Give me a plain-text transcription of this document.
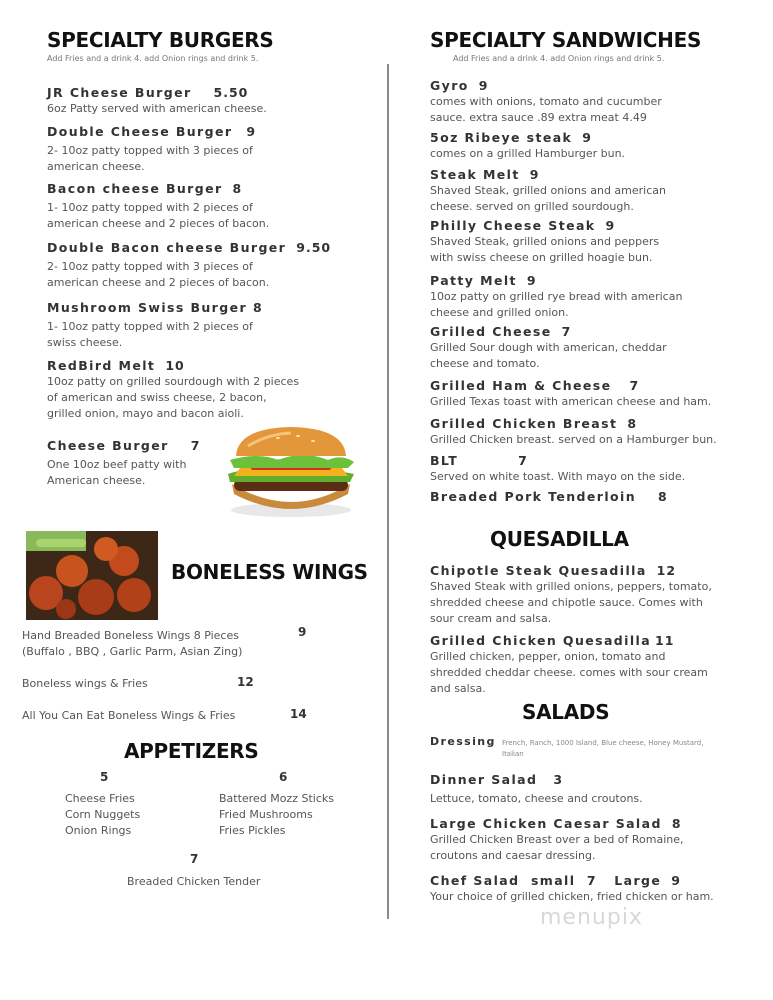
SPECIALTY BURGERS
Add Fries and a drink 4. add Onion rings and drink 5.
JR Cheese Burger 5.50
6oz Patty served with american cheese.
Double Cheese Burger 9
2- 10oz patty topped with 3 pieces of
american cheese.
Bacon cheese Burger 8
1- 10oz patty topped with 2 pieces of
american cheese and 2 pieces of bacon.
Double Bacon cheese Burger 9.50
2- 10oz patty topped with 3 pieces of
american cheese and 2 pieces of bacon.
Mushroom Swiss Burger 8
1- 10oz patty topped with 2 pieces of
swiss cheese.
RedBird Melt 10
10oz patty on grilled sourdough with 2 pieces
of american and swiss cheese, 2 bacon,
grilled onion, mayo and bacon aioli.
Cheese Burger 7
One 10oz beef patty with
American cheese.
BONELESS WINGS
Hand Breaded Boneless Wings 8 Pieces
(Buffalo , BBQ , Garlic Parm, Asian Zing)
9
Boneless wings & Fries	12
All You Can Eat Boneless Wings & Fries	14
APPETIZERS
5
Cheese Fries
Corn Nuggets
Onion Rings
6
Battered Mozz Sticks
Fried Mushrooms
Fries Pickles
7
Breaded Chicken Tender
SPECIALTY SANDWICHES
Add Fries and a drink 4. add Onion rings and drink 5.
Gyro 9
comes with onions, tomato and cucumber
sauce. extra sauce .89 extra meat 4.49
5oz Ribeye steak 9
comes on a grilled Hamburger bun.
Steak Melt 9
Shaved Steak, grilled onions and american
cheese. served on grilled sourdough.
Philly Cheese Steak 9
Shaved Steak, grilled onions and peppers
with swiss cheese on grilled hoagie bun.
Patty Melt 9
10oz patty on grilled rye bread with american
cheese and grilled onion.
Grilled Cheese 7
Grilled Sour dough with american, cheddar
cheese and tomato.
Grilled Ham & Cheese 7
Grilled Texas toast with american cheese and ham.
Grilled Chicken Breast 8
Grilled Chicken breast. served on a Hamburger bun.
BLT	7
Served on white toast. With mayo on the side.
Breaded Pork Tenderloin 8
QUESADILLA
Chipotle Steak Quesadilla 12
Shaved Steak with grilled onions, peppers, tomato,
shredded cheese and chipotle sauce. Comes with
sour cream and salsa.
Grilled Chicken Quesadilla 11
Grilled chicken, pepper, onion, tomato and
shredded cheddar cheese. comes with sour cream
and salsa.
SALADS
Dressing French, Ranch, 1000 Island, Blue cheese, Honey Mustard,
Italian
Dinner Salad 3
Lettuce, tomato, cheese and croutons.
Large Chicken Caesar Salad 8
Grilled Chicken Breast over a bed of Romaine,
croutons and caesar dressing.
Chef Salad  small  7   Large 9
Your choice of grilled chicken, fried chicken or ham.
menupix
